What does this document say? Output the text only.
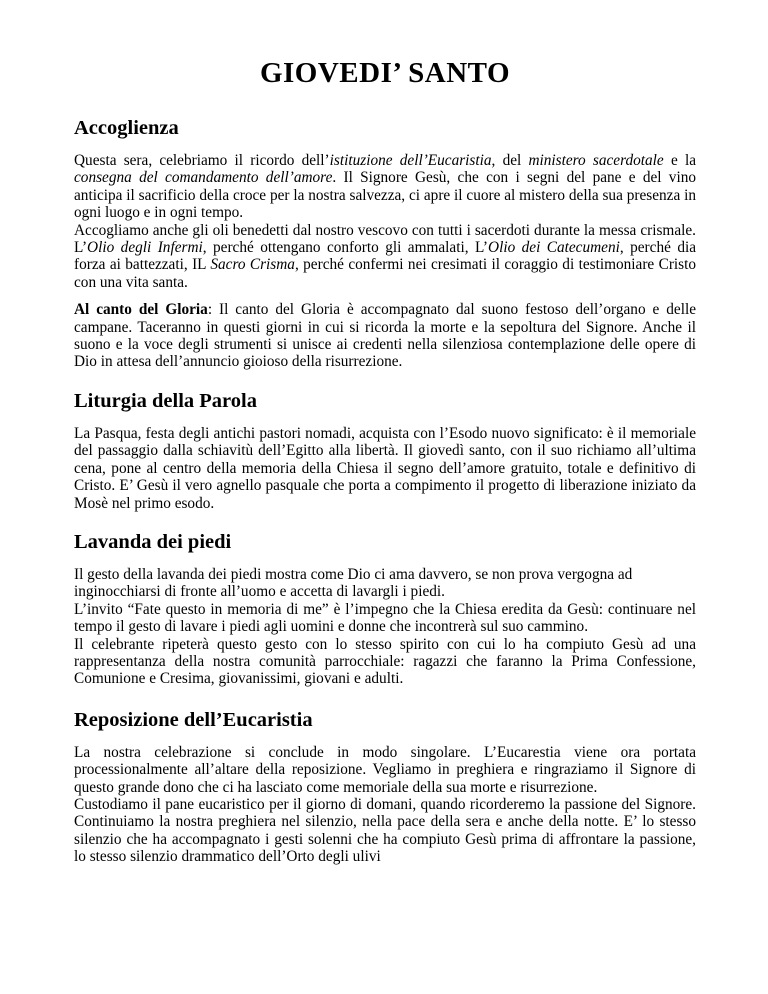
GIOVEDI’ SANTO
Accoglienza

Questa sera, celebriamo il ricordo dell’istituzione dell’Eucaristia, del ministero sacerdotale e la consegna del comandamento dell’amore. Il Signore Gesù, che con i segni del pane e del vino anticipa il sacrificio della croce per la nostra salvezza, ci apre il cuore al mistero della sua presenza in ogni luogo e in ogni tempo.

Accogliamo anche gli oli benedetti dal nostro vescovo con tutti i sacerdoti durante la messa crismale. L’Olio degli Infermi, perché ottengano conforto gli ammalati, L’Olio dei Catecumeni, perché dia forza ai battezzati, IL Sacro Crisma, perché confermi nei cresimati il coraggio di testimoniare Cristo con una vita santa.

Al canto del Gloria: Il canto del Gloria è accompagnato dal suono festoso dell’organo e delle campane. Taceranno in questi giorni in cui si ricorda la morte e la sepoltura del Signore. Anche il suono e la voce degli strumenti si unisce ai credenti nella silenziosa contemplazione delle opere di Dio in attesa dell’annuncio gioioso della risurrezione.

Liturgia della Parola

La Pasqua, festa degli antichi pastori nomadi, acquista con l’Esodo nuovo significato: è il memoriale del passaggio dalla schiavitù dell’Egitto alla libertà. Il giovedì santo, con il suo richiamo all’ultima cena, pone al centro della memoria della Chiesa il segno dell’amore gratuito, totale e definitivo di Cristo. E’ Gesù il vero agnello pasquale che porta a compimento il progetto di liberazione iniziato da Mosè nel primo esodo.

Lavanda dei piedi

Il gesto della lavanda dei piedi mostra come Dio ci ama davvero, se non prova vergogna ad inginocchiarsi di fronte all’uomo e accetta di lavargli i piedi.

L’invito “Fate questo in memoria di me” è l’impegno che la Chiesa eredita da Gesù: continuare nel tempo il gesto di lavare i piedi agli uomini e donne che incontrerà sul suo cammino.

Il celebrante ripeterà questo gesto con lo stesso spirito con cui lo ha compiuto Gesù ad una rappresentanza della nostra comunità parrocchiale: ragazzi che faranno la Prima Confessione, Comunione e Cresima, giovanissimi, giovani e adulti.

Reposizione dell’Eucaristia

La nostra celebrazione si conclude in modo singolare. L’Eucarestia viene ora portata processionalmente all’altare della reposizione. Vegliamo in preghiera e ringraziamo il Signore di questo grande dono che ci ha lasciato come memoriale della sua morte e risurrezione.

Custodiamo il pane eucaristico per il giorno di domani, quando ricorderemo la passione del Signore. Continuiamo la nostra preghiera nel silenzio, nella pace della sera e anche della notte. E’ lo stesso silenzio che ha accompagnato i gesti solenni che ha compiuto Gesù prima di affrontare la passione, lo stesso silenzio drammatico dell’Orto degli ulivi
